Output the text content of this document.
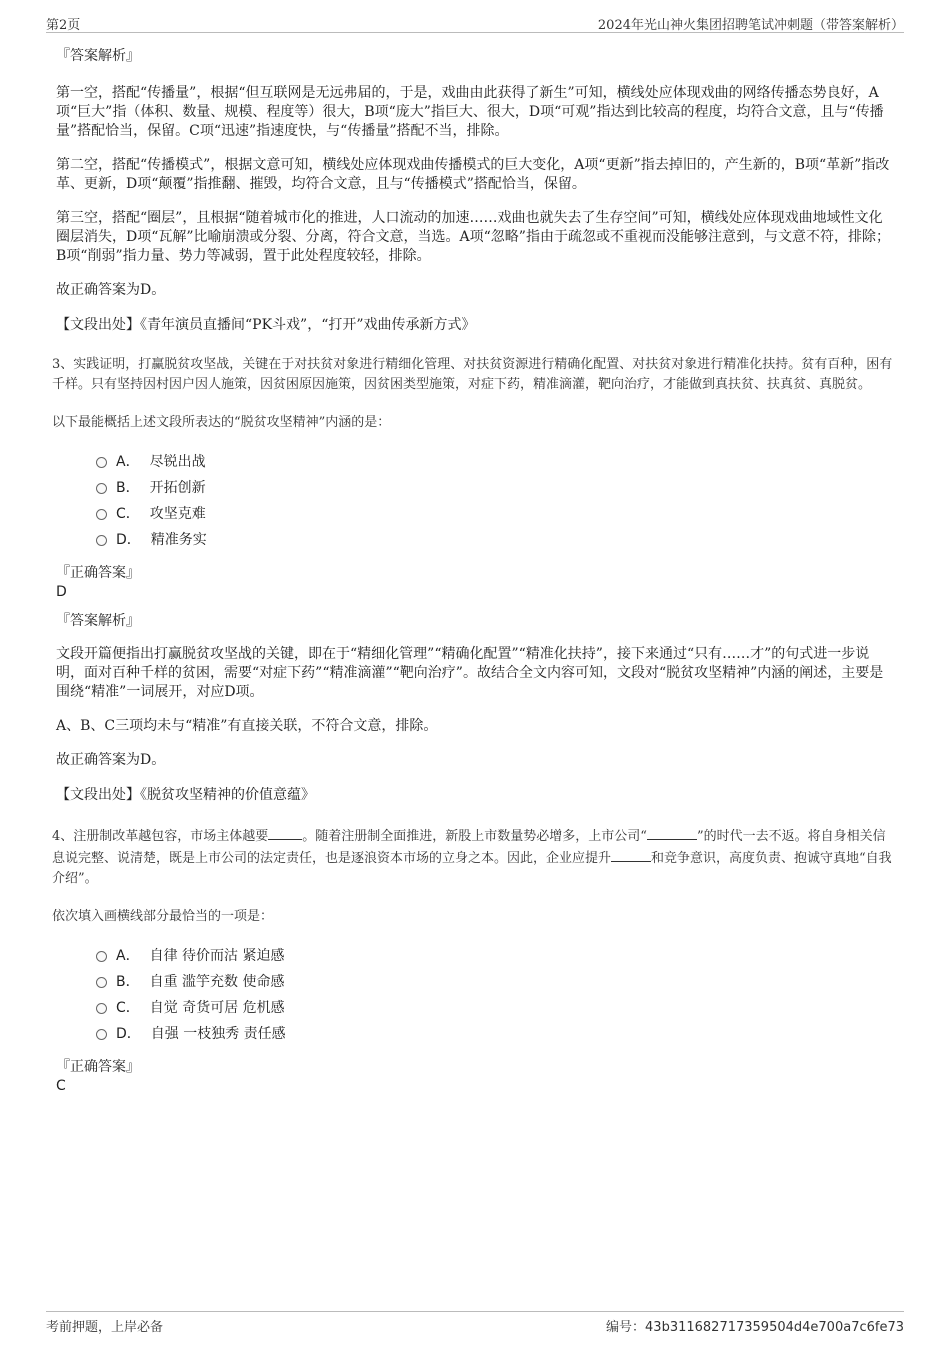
第2页	2024年光山神火集团招聘笔试冲刺题（带答案解析）
『答案解析』

第一空，搭配“传播量”，根据“但互联网是无远弗届的，于是，戏曲由此获得了新生”可知，横线处应体现戏曲的网络传播态势良好，A项“巨大”指（体积、数量、规模、程度等）很大，B项“庞大”指巨大、很大，D项“可观”指达到比较高的程度，均符合文意，且与“传播量”搭配恰当，保留。C项“迅速”指速度快，与“传播量”搭配不当，排除。

第二空，搭配“传播模式”，根据文意可知，横线处应体现戏曲传播模式的巨大变化，A项“更新”指去掉旧的，产生新的，B项“革新”指改革、更新，D项“颠覆”指推翻、摧毁，均符合文意，且与“传播模式”搭配恰当，保留。

第三空，搭配“圈层”，且根据“随着城市化的推进，人口流动的加速……戏曲也就失去了生存空间”可知，横线处应体现戏曲地域性文化圈层消失，D项“瓦解”比喻崩溃或分裂、分离，符合文意，当选。A项“忽略”指由于疏忽或不重视而没能够注意到，与文意不符，排除；B项“削弱”指力量、势力等减弱，置于此处程度较轻，排除。

故正确答案为D。

【文段出处】《青年演员直播间“PK斗戏”，“打开”戏曲传承新方式》

3、实践证明，打赢脱贫攻坚战，关键在于对扶贫对象进行精细化管理、对扶贫资源进行精确化配置、对扶贫对象进行精准化扶持。贫有百种，困有千样。只有坚持因村因户因人施策，因贫困原因施策，因贫困类型施策，对症下药，精准滴灌，靶向治疗，才能做到真扶贫、扶真贫、真脱贫。

以下最能概括上述文段所表达的“脱贫攻坚精神”内涵的是：

A． 尽锐出战
B． 开拓创新
C． 攻坚克难
D． 精准务实
『正确答案』
D
『答案解析』

文段开篇便指出打赢脱贫攻坚战的关键，即在于“精细化管理”“精确化配置”“精准化扶持”，接下来通过“只有……才”的句式进一步说明，面对百种千样的贫困，需要“对症下药”“精准滴灌”“靶向治疗”。故结合全文内容可知，文段对“脱贫攻坚精神”内涵的阐述，主要是围绕“精准”一词展开，对应D项。

A、B、C三项均未与“精准”有直接关联，不符合文意，排除。

故正确答案为D。

【文段出处】《脱贫攻坚精神的价值意蕴》

4、注册制改革越包容，市场主体越要	。随着注册制全面推进，新股上市数量势必增多，上市公司“	”的时代一去不返。将自身相关信息说完整、说清楚，既是上市公司的法定责任，也是逐浪资本市场的立身之本。因此，企业应提升	和竞争意识，高度负责、抱诚守真地“自我介绍”。

依次填入画横线部分最恰当的一项是：

A． 自律 待价而沽 紧迫感
B． 自重 滥竽充数 使命感
C． 自觉 奇货可居 危机感
D． 自强 一枝独秀 责任感
『正确答案』
C
考前押题，上岸必备	编号：43b311682717359504d4e700a7c6fe73
